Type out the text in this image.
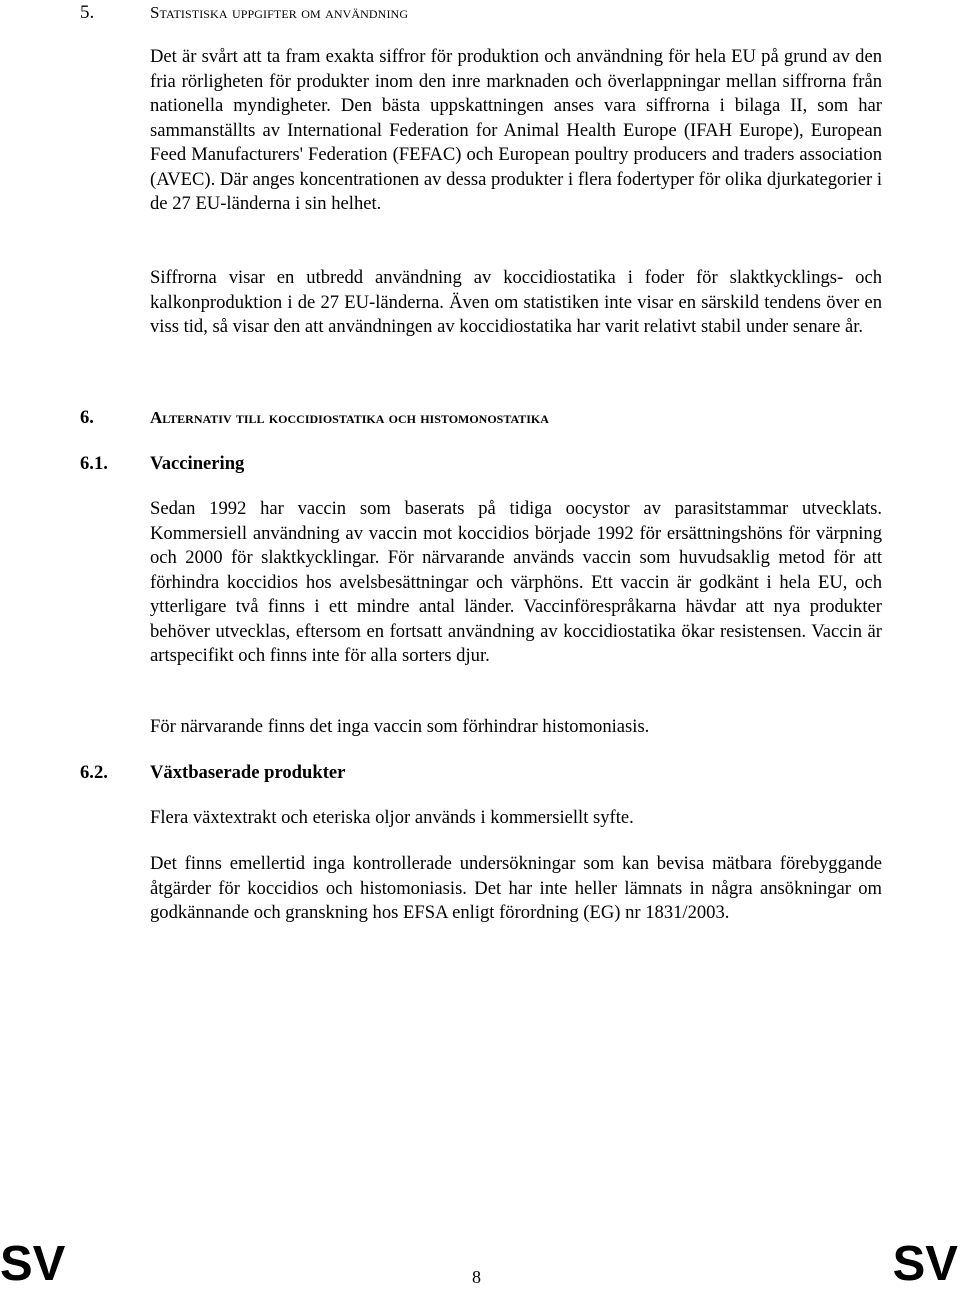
5.	Statistiska uppgifter om användning
Det är svårt att ta fram exakta siffror för produktion och användning för hela EU på grund av den fria rörligheten för produkter inom den inre marknaden och överlappningar mellan siffrorna från nationella myndigheter. Den bästa uppskattningen anses vara siffrorna i bilaga II, som har sammanställts av International Federation for Animal Health Europe (IFAH Europe), European Feed Manufacturers' Federation (FEFAC) och European poultry producers and traders association (AVEC). Där anges koncentrationen av dessa produkter i flera fodertyper för olika djurkategorier i de 27 EU-länderna i sin helhet.
Siffrorna visar en utbredd användning av koccidiostatika i foder för slaktkycklings- och kalkonproduktion i de 27 EU-länderna. Även om statistiken inte visar en särskild tendens över en viss tid, så visar den att användningen av koccidiostatika har varit relativt stabil under senare år.
6.	Alternativ till koccidiostatika och histomonostatika
6.1. Vaccinering
Sedan 1992 har vaccin som baserats på tidiga oocystor av parasitstammar utvecklats. Kommersiell användning av vaccin mot koccidios började 1992 för ersättningshöns för värpning och 2000 för slaktkycklingar. För närvarande används vaccin som huvudsaklig metod för att förhindra koccidios hos avelsbesättningar och värphöns. Ett vaccin är godkänt i hela EU, och ytterligare två finns i ett mindre antal länder. Vaccinförespråkarna hävdar att nya produkter behöver utvecklas, eftersom en fortsatt användning av koccidiostatika ökar resistensen. Vaccin är artspecifikt och finns inte för alla sorters djur.
För närvarande finns det inga vaccin som förhindrar histomoniasis.
6.2. Växtbaserade produkter
Flera växtextrakt och eteriska oljor används i kommersiellt syfte.
Det finns emellertid inga kontrollerade undersökningar som kan bevisa mätbara förebyggande åtgärder för koccidios och histomoniasis. Det har inte heller lämnats in några ansökningar om godkännande och granskning hos EFSA enligt förordning (EG) nr 1831/2003.
SV	8	SV
